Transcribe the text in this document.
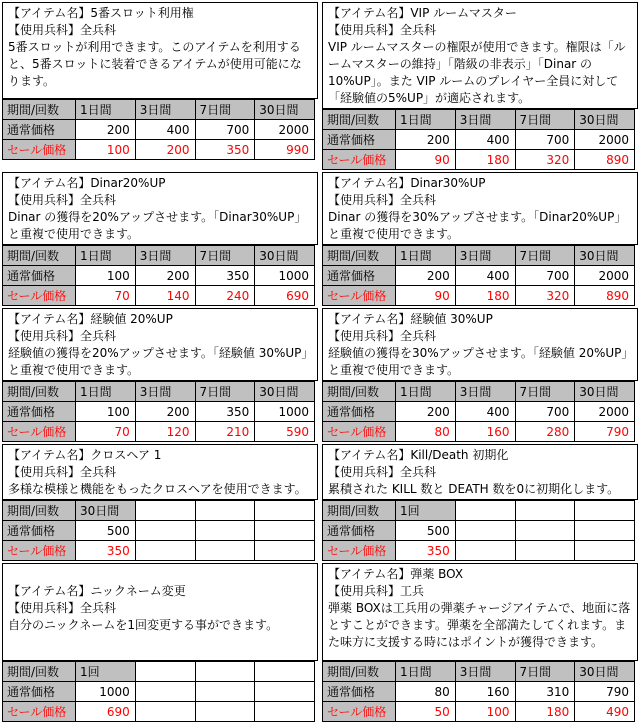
【アイテム名】5番スロット利用権
【使用兵科】全兵科
5番スロットが利用できます。このアイテムを利用すると、5番スロットに装着できるアイテムが使用可能になります。
期間/回数	1日間	3日間	7日間	30日間
通常価格	200	400	700	2000
セール価格	100	200	350	990
【アイテム名】VIP ルームマスター
【使用兵科】全兵科
VIP ルームマスターの権限が使用できます。権限は「ルームマスターの維持」「階級の非表示」「Dinar の10%UP」。また VIP ルームのプレイヤー全員に対して「経験値の5%UP」が適応されます。
期間/回数	1日間	3日間	7日間	30日間
通常価格	200	400	700	2000
セール価格	90	180	320	890
【アイテム名】Dinar20%UP
【使用兵科】全兵科
Dinar の獲得を20%アップさせます。「Dinar30%UP」と重複で使用できます。
期間/回数	1日間	3日間	7日間	30日間
通常価格	100	200	350	1000
セール価格	70	140	240	690
【アイテム名】Dinar30%UP
【使用兵科】全兵科
Dinar の獲得を30%アップさせます。「Dinar20%UP」と重複で使用できます。
期間/回数	1日間	3日間	7日間	30日間
通常価格	200	400	700	2000
セール価格	90	180	320	890
【アイテム名】経験値 20%UP
【使用兵科】全兵科
経験値の獲得を20%アップさせます。「経験値 30%UP」と重複で使用できます。
期間/回数	1日間	3日間	7日間	30日間
通常価格	100	200	350	1000
セール価格	70	120	210	590
【アイテム名】経験値 30%UP
【使用兵科】全兵科
経験値の獲得を30%アップさせます。「経験値 20%UP」と重複で使用できます。
期間/回数	1日間	3日間	7日間	30日間
通常価格	200	400	700	2000
セール価格	80	160	280	790
【アイテム名】クロスヘア 1
【使用兵科】全兵科
多様な模様と機能をもったクロスヘアを使用できます。
期間/回数	30日間			
通常価格	500			
セール価格	350			
【アイテム名】Kill/Death 初期化
【使用兵科】全兵科
累積された KILL 数と DEATH 数を0に初期化します。
期間/回数	1回			
通常価格	500			
セール価格	350			
【アイテム名】ニックネーム変更
【使用兵科】全兵科
自分のニックネームを1回変更する事ができます。
期間/回数	1回			
通常価格	1000			
セール価格	690			
【アイテム名】弾薬 BOX
【使用兵科】工兵
弾薬 BOXは工兵用の弾薬チャージアイテムで、地面に落とすことができます。弾薬を全部満たしてくれます。また味方に支援する時にはポイントが獲得できます。
期間/回数	1日間	3日間	7日間	30日間
通常価格	80	160	310	790
セール価格	50	100	180	490
